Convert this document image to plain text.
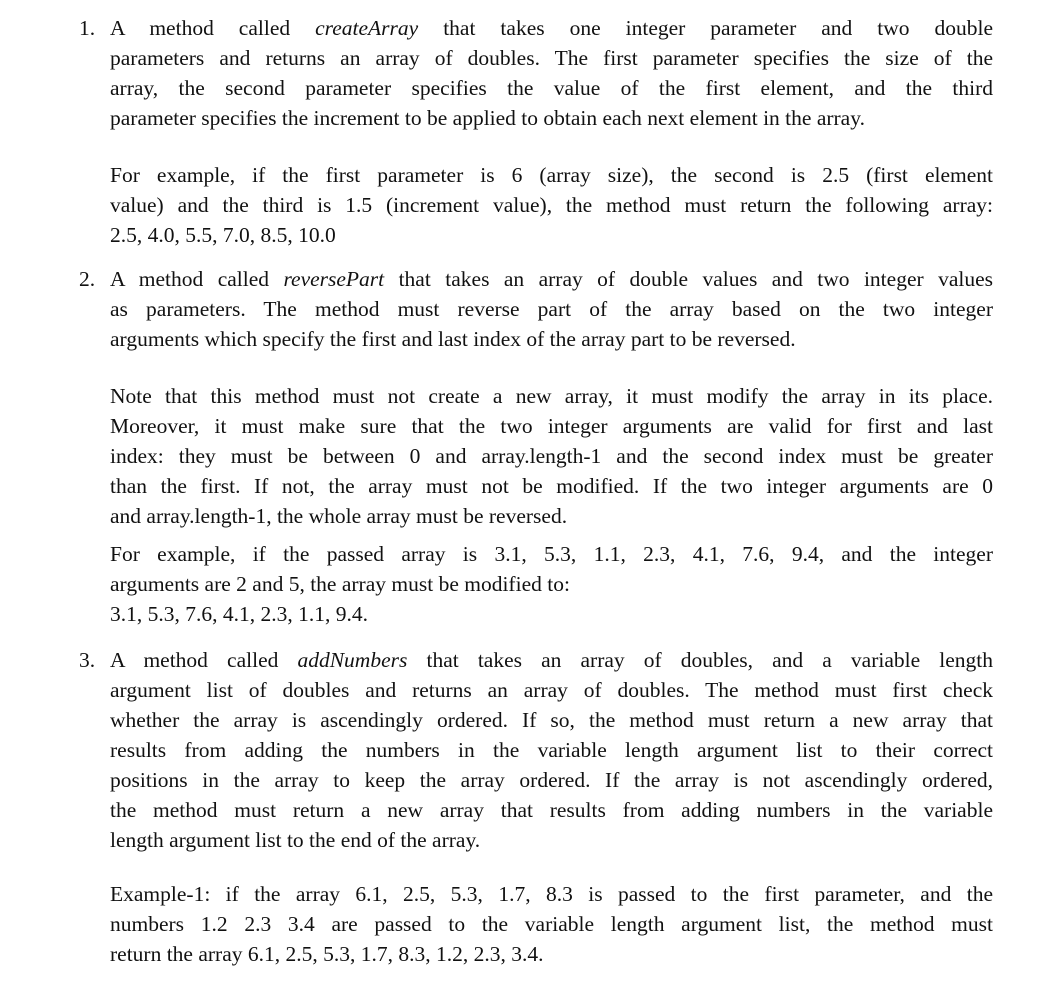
1. A method called createArray that takes one integer parameter and two double
parameters and returns an array of doubles. The first parameter specifies the size of the
array, the second parameter specifies the value of the first element, and the third
parameter specifies the increment to be applied to obtain each next element in the array.
For example, if the first parameter is 6 (array size), the second is 2.5 (first element
value) and the third is 1.5 (increment value), the method must return the following array:
2.5, 4.0, 5.5, 7.0, 8.5, 10.0
2. A method called reversePart that takes an array of double values and two integer values
as parameters. The method must reverse part of the array based on the two integer
arguments which specify the first and last index of the array part to be reversed.
Note that this method must not create a new array, it must modify the array in its place.
Moreover, it must make sure that the two integer arguments are valid for first and last
index: they must be between 0 and array.length-1 and the second index must be greater
than the first. If not, the array must not be modified. If the two integer arguments are 0
and array.length-1, the whole array must be reversed.
For example, if the passed array is 3.1, 5.3, 1.1, 2.3, 4.1, 7.6, 9.4, and the integer
arguments are 2 and 5, the array must be modified to:
3.1, 5.3, 7.6, 4.1, 2.3, 1.1, 9.4.
3. A method called addNumbers that takes an array of doubles, and a variable length
argument list of doubles and returns an array of doubles. The method must first check
whether the array is ascendingly ordered. If so, the method must return a new array that
results from adding the numbers in the variable length argument list to their correct
positions in the array to keep the array ordered. If the array is not ascendingly ordered,
the method must return a new array that results from adding numbers in the variable
length argument list to the end of the array.
Example-1: if the array 6.1, 2.5, 5.3, 1.7, 8.3 is passed to the first parameter, and the
numbers 1.2 2.3 3.4 are passed to the variable length argument list, the method must
return the array 6.1, 2.5, 5.3, 1.7, 8.3, 1.2, 2.3, 3.4.
